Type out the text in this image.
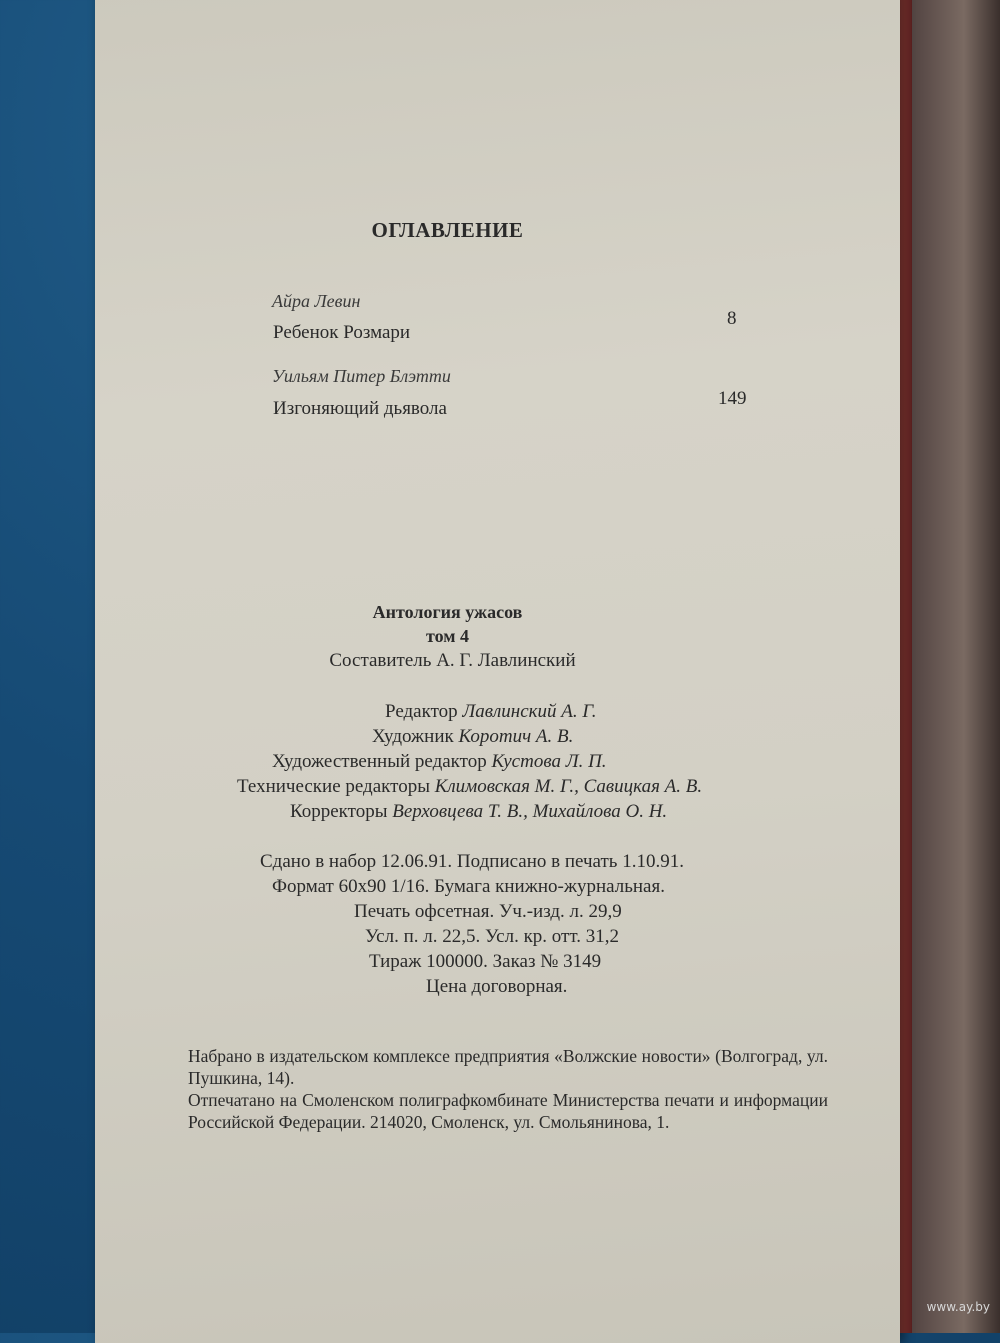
ОГЛАВЛЕНИЕ
Айра Левин
Ребенок Розмари
8
Уильям Питер Блэтти
Изгоняющий дьявола	149
Антология ужасов
том 4
Составитель А. Г. Лавлинский
Редактор Лавлинский А. Г.
Художник Коротич А. В.
Художественный редактор Кустова Л. П.
Технические редакторы Климовская М. Г., Савицкая А. В.
Корректоры Верховцева Т. В., Михайлова О. Н.
Сдано в набор 12.06.91. Подписано в печать 1.10.91.
Формат 60х90 1/16. Бумага книжно-журнальная.
Печать офсетная. Уч.-изд. л. 29,9
Усл. п. л. 22,5. Усл. кр. отт. 31,2
Тираж 100000. Заказ № 3149
Цена договорная.
Набрано в издательском комплексе предприятия «Волжские новости» (Волгоград, ул. Пушкина, 14).
Отпечатано на Смоленском полиграфкомбинате Министерства печати и информации Российской Федерации. 214020, Смоленск, ул. Смольянинова, 1.
www.ay.by
